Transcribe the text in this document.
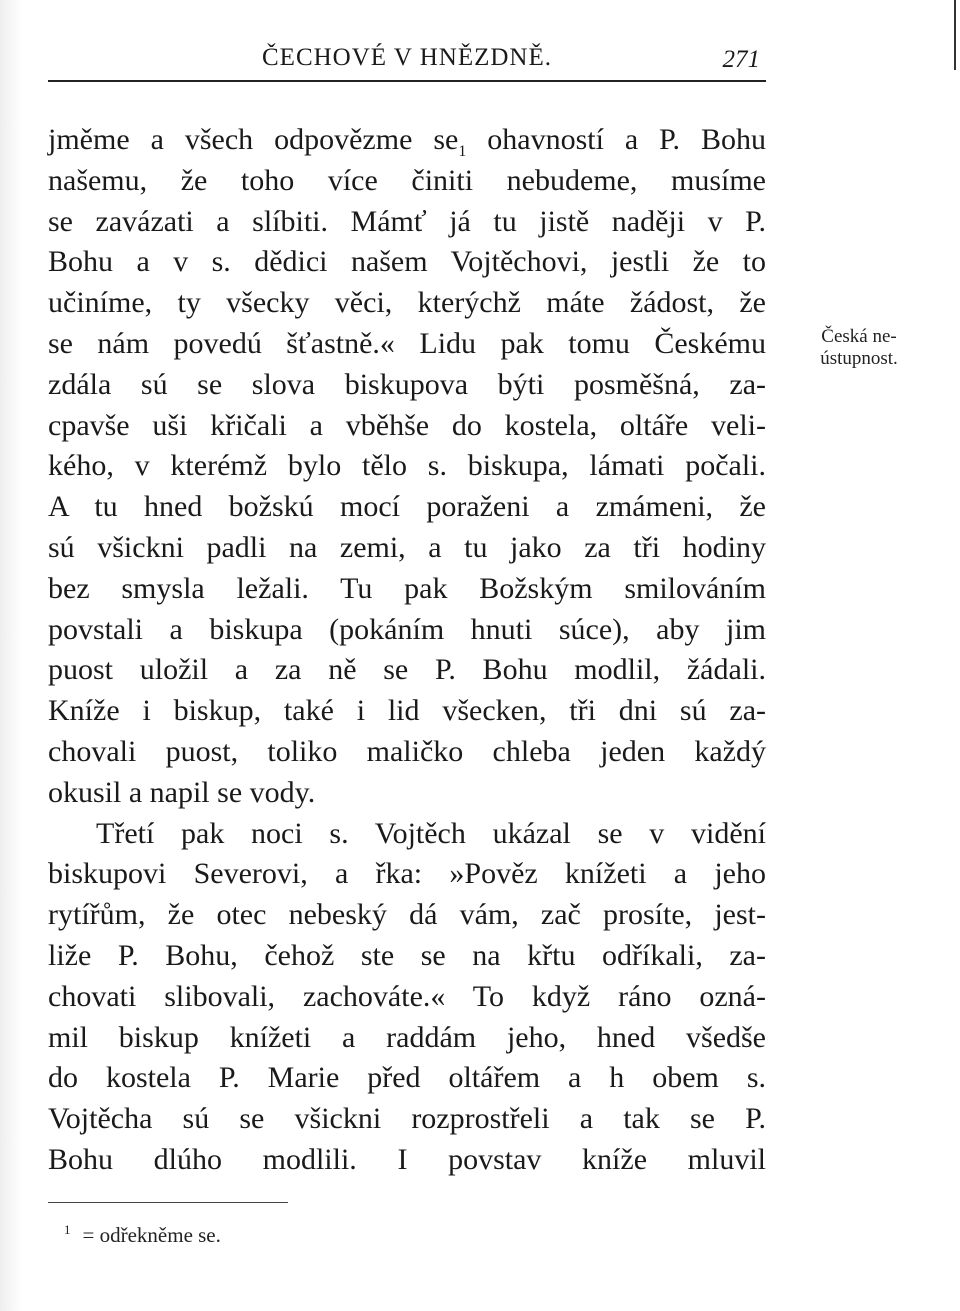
ČECHOVÉ V HNĚZDNĚ.	271
jměme a všech odpovězme $se_1$ ohavností a P. Bohu
našemu, že toho více činiti nebudeme, musíme
se zavázati a slíbiti. Mámť já tu jistě naději v P.
Bohu a v s. dědici našem Vojtěchovi, jestli že to
učiníme, ty všecky věci, kterýchž máte žádost, že
se nám povedú šťastně.« Lidu pak tomu Českému
zdála sú se slova biskupova býti posměšná, za-
cpavše uši křičali a vběhše do kostela, oltáře veli-
kého, v kterémž bylo tělo s. biskupa, lámati počali.
A tu hned božskú mocí poraženi a zmámeni, že
sú všickni padli na zemi, a tu jako za tři hodiny
bez smysla ležali. Tu pak Božským smilováním
povstali a biskupa (pokáním hnuti súce), aby jim
puost uložil a za ně se P. Bohu modlil, žádali.
Kníže i biskup, také i lid všecken, tři dni sú za-
chovali puost, toliko maličko chleba jeden každý
okusil a napil se vody.
Třetí pak noci s. Vojtěch ukázal se v vidění
biskupovi Severovi, a řka: »Pověz knížeti a jeho
rytířům, že otec nebeský dá vám, zač prosíte, jest-
liže P. Bohu, čehož ste se na křtu odříkali, za-
chovati slibovali, zachováte.« To když ráno ozná-
mil biskup knížeti a raddám jeho, hned všedše
do kostela P. Marie před oltářem a h obem s.
Vojtěcha sú se všickni rozprostřeli a tak se P.
Bohu dlúho modlili. I povstav kníže mluvil
Česká ne-
ústupnost.
$^1$ = odřekněme se.
